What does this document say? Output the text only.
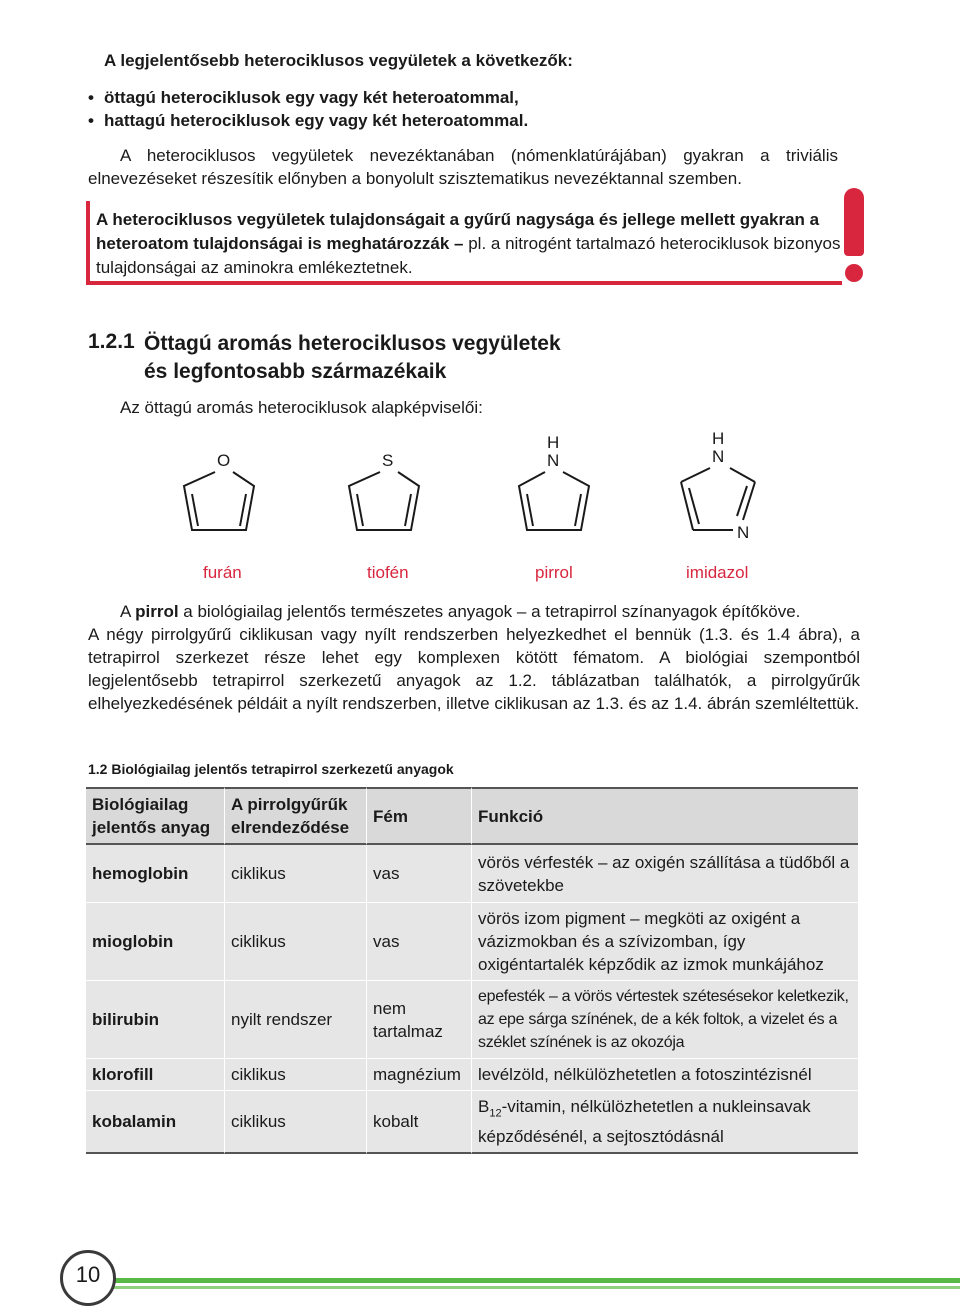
A legjelentősebb heterociklusos vegyületek a következők:
• öttagú heterociklusok egy vagy két heteroatommal,
• hattagú heterociklusok egy vagy két heteroatommal.
A heterociklusos vegyületek nevezéktanában (nómenklatúrájában) gyakran a triviális elnevezéseket részesítik előnyben a bonyolult szisztematikus nevezéktannal szemben.
A heterociklusos vegyületek tulajdonságait a gyűrű nagysága és jellege mellett gyakran a heteroatom tulajdonságai is meghatározzák – pl. a nitrogént tartalmazó heterociklusok bizonyos tulajdonságai az aminokra emlékeztetnek.
1.2.1 Öttagú aromás heterociklusos vegyületek
és legfontosabb származékaik
Az öttagú aromás heterociklusok alapképviselői:
O	S
H
N
H
N
N
furán	tiofén	pirrol	imidazol
A pirrol a biológiailag jelentős természetes anyagok – a tetrapirrol színanyagok építőköve.
A négy pirrolgyűrű ciklikusan vagy nyílt rendszerben helyezkedhet el bennük (1.3. és 1.4 ábra), a tetrapirrol szerkezet része lehet egy komplexen kötött fématom. A biológiai szempontból legjelentősebb tetrapirrol szerkezetű anyagok az 1.2. táblázatban találhatók, a pirrolgyűrűk elhelyezkedésének példáit a nyílt rendszerben, illetve ciklikusan az 1.3. és az 1.4. ábrán szemléltettük.
1.2 Biológiailag jelentős tetrapirrol szerkezetű anyagok
Biológiailag jelentős anyag	A pirrolgyűrűk elrendeződése	Fém	Funkció
hemoglobin	ciklikus	vas	vörös vérfesték – az oxigén szállítása a tüdőből a szövetekbe
mioglobin	ciklikus	vas	vörös izom pigment – megköti az oxigént a vázizmokban és a szívizomban, így oxigéntartalék képződik az izmok munkájához
bilirubin	nyilt rendszer	nem tartalmaz	epefesték – a vörös vértestek szétesésekor keletkezik, az epe sárga színének, de a kék foltok, a vizelet és a széklet színének is az okozója
klorofill	ciklikus	magnézium	levélzöld, nélkülözhetetlen a fotoszintézisnél
kobalamin	ciklikus	kobalt	$B_{12}$-vitamin, nélkülözhetetlen a nukleinsavak képződésénél, a sejtosztódásnál
10
